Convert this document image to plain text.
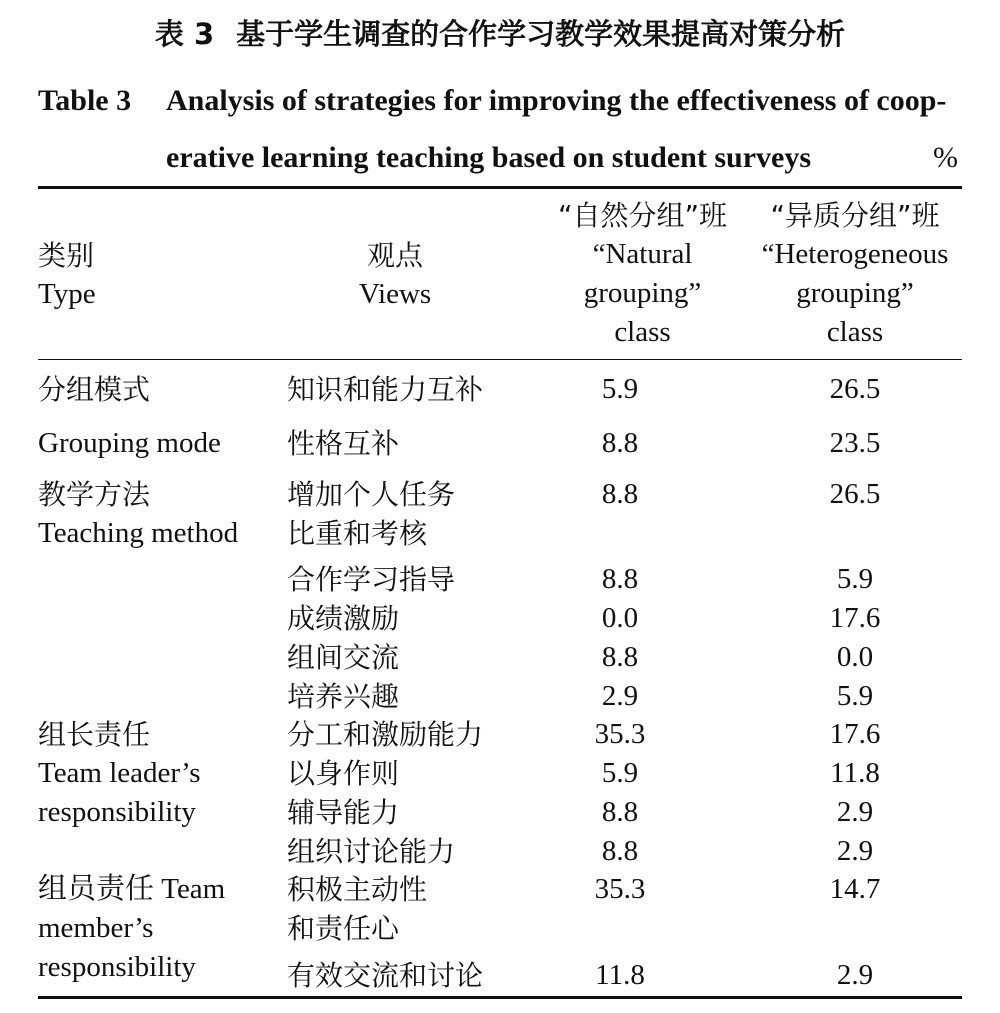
表 3 基于学生调查的合作学习教学效果提高对策分析
Table 3 Analysis of strategies for improving the effectiveness of coop-
erative learning teaching based on student surveys	%
类别
Type
观点
Views
“自然分组”班
“Natural
grouping”
class
“异质分组”班
“Heterogeneous
grouping”
class
分组模式
Grouping mode
教学方法
Teaching method
组长责任
Team leader’s
responsibility
组员责任 Team
member’s
responsibility
知识和能力互补
性格互补
增加个人任务
比重和考核
合作学习指导
成绩激励
组间交流
培养兴趣
分工和激励能力
以身作则
辅导能力
组织讨论能力
积极主动性
和责任心
有效交流和讨论
5.9
8.8
8.8
8.8
0.0
8.8
2.9
35.3
5.9
8.8
8.8
35.3
11.8
26.5
23.5
26.5
5.9
17.6
0.0
5.9
17.6
11.8
2.9
2.9
14.7
2.9
